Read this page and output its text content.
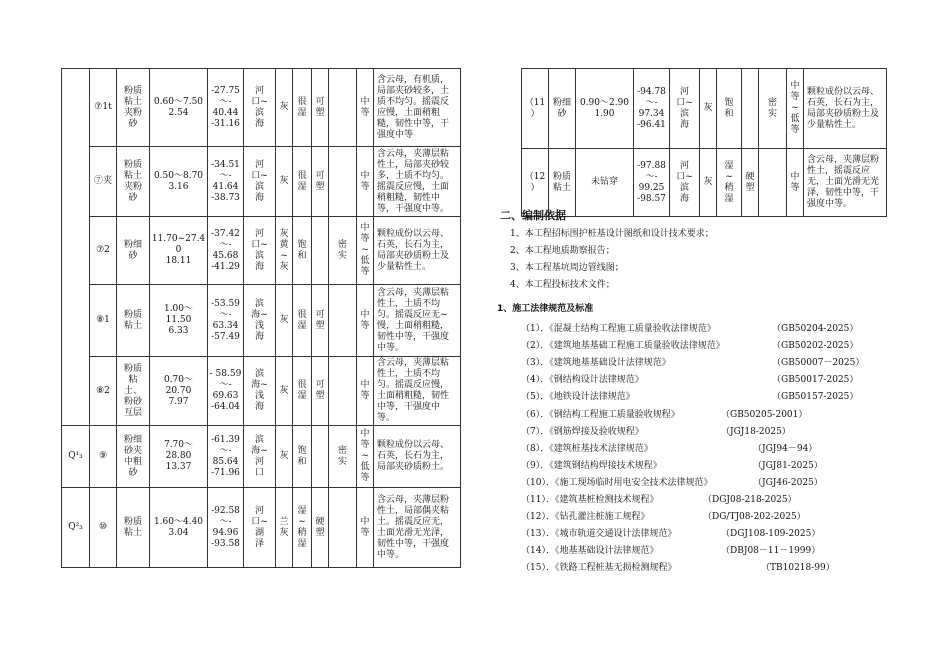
	⑦1t	粉质
粘土
夹粉
砂	0.60～7.50
2.54	-27.75
～-
40.44
-31.16	河
口~
滨
海	灰	很
湿	可
塑		中
等	含云母，有机质，局部夹砂较多，土质不均匀。摇震反应慢，土面稍粗糙，韧性中等，干强度中等
	⑦夹	粉质
粘土
夹粉
砂	0.50～8.70
3.16	-34.51
～-
41.64
-38.73	河
口~
滨
海	灰	很
湿	可
塑		中
等	含云母，夹薄层粘性土，局部夹砂较多，土质不均匀。摇震反应慢，土面稍粗糙，韧性中等，干强度中等。
	⑦2	粉细
砂	11.70~27.4
0
18.11	-37.42
～-
45.68
-41.29	河
口~
滨
海	灰
黄
~
灰	饱
和		密
实	中
等
~
低
等	颗粒成份以云母、石英，长石为主，局部夹砂质粉土及少量粘性土。
	⑧1	粉质
粘土	1.00～
11.50
6.33	-53.59
～-
63.34
-57.49	滨
海~
浅
海	灰	很
湿	可
塑		中
等	含云母，夹薄层粘性土，土质不均匀。摇震反应无~慢，土面稍粗糙，韧性中等，干强度中等。
	⑧2	粉质
粘
土、
粉砂
互层	0.70～
20.70
7.97	- 58.59
～-
69.63
-64.04	滨
海~
浅
海	灰	很
湿	可
塑		中
等	含云母，夹薄层粘性土，土质不均匀。摇震反应慢，土面稍粗糙，韧性中等，干强度中等。
Q¹₃	⑨	粉细
砂夹
中粗
砂	7.70～
28.80
13.37	-61.39
～-
85.64
-71.96	滨
海~
河
口	灰	饱
和		密
实	中
等
~
低
等	颗粒成份以云母、石英，长石为主，局部夹砂质粉土。
Q²₃	⑩	粉质
粘土	1.60～4.40
3.04	-92.58
～-
94.96
-93.58	河
口~
湖
泽	兰
灰	湿
~
稍
湿	硬
塑		中
等	含云母，夹薄层粉性土，局部偶夹粘土。摇震反应无，土面光滑无光泽，韧性中等，干强度中等。
（11
）	粉细
砂	0.90～2.90
1.90	-94.78
～-
97.34
-96.41	河
口~
滨
海	灰	饱
和		密
实	中
等
~
低
等	颗粒成份以云母、石英，长石为主，局部夹砂质粉土及少量粘性土。
（12
）	粉质
粘土	未钻穿	-97.88
～-
99.25
-98.57	河
口~
滨
海	灰	湿
~
稍
湿	硬
塑		中
等	含云母，夹薄层粉性土，摇震反应无，土面光滑无光泽，韧性中等，干强度中等。
二、编制依据
1、本工程招标围护桩基设计图纸和设计技术要求；
2、本工程地质勘察报告；
3、本工程基坑周边管线图；
4、本工程投标技术文件；
1、施工法律规范及标准
（1）．《混凝土结构工程施工质量验收法律规范》	（GB50204-2025）
（2）．《建筑地基基础工程施工质量验收法律规范》	（GB50202-2025）
（3）．《建筑地基基础设计法律规范》	（GB50007－2025）
（4）．《钢结构设计法律规范》	（GB50017-2025）
（5）．《地铁设计法律规范》	（GB50157-2025）
（6）．《钢结构工程施工质量验收规程》	（GB50205-2001）
（7）．《钢筋焊接及验收规程》	（JGJ18-2025）
（8）．《建筑桩基技术法律规范》	（JGJ94－94）
（9）．《建筑钢结构焊接技术规程》	（JGJ81-2025）
（10）．《施工现场临时用电安全技术法律规范》	（JGJ46-2025）
（11）．《建筑基桩检测技术规程》	（DGJ08-218-2025）
（12）．《钻孔灌注桩施工规程》	（DG/TJ08-202-2025）
（13）．《城市轨道交通设计法律规范》	（DGJ108-109-2025）
（14）．《地基基础设计法律规范》	（DBJ08－11－1999）
（15）．《铁路工程桩基无损检测规程》	（TB10218-99）
